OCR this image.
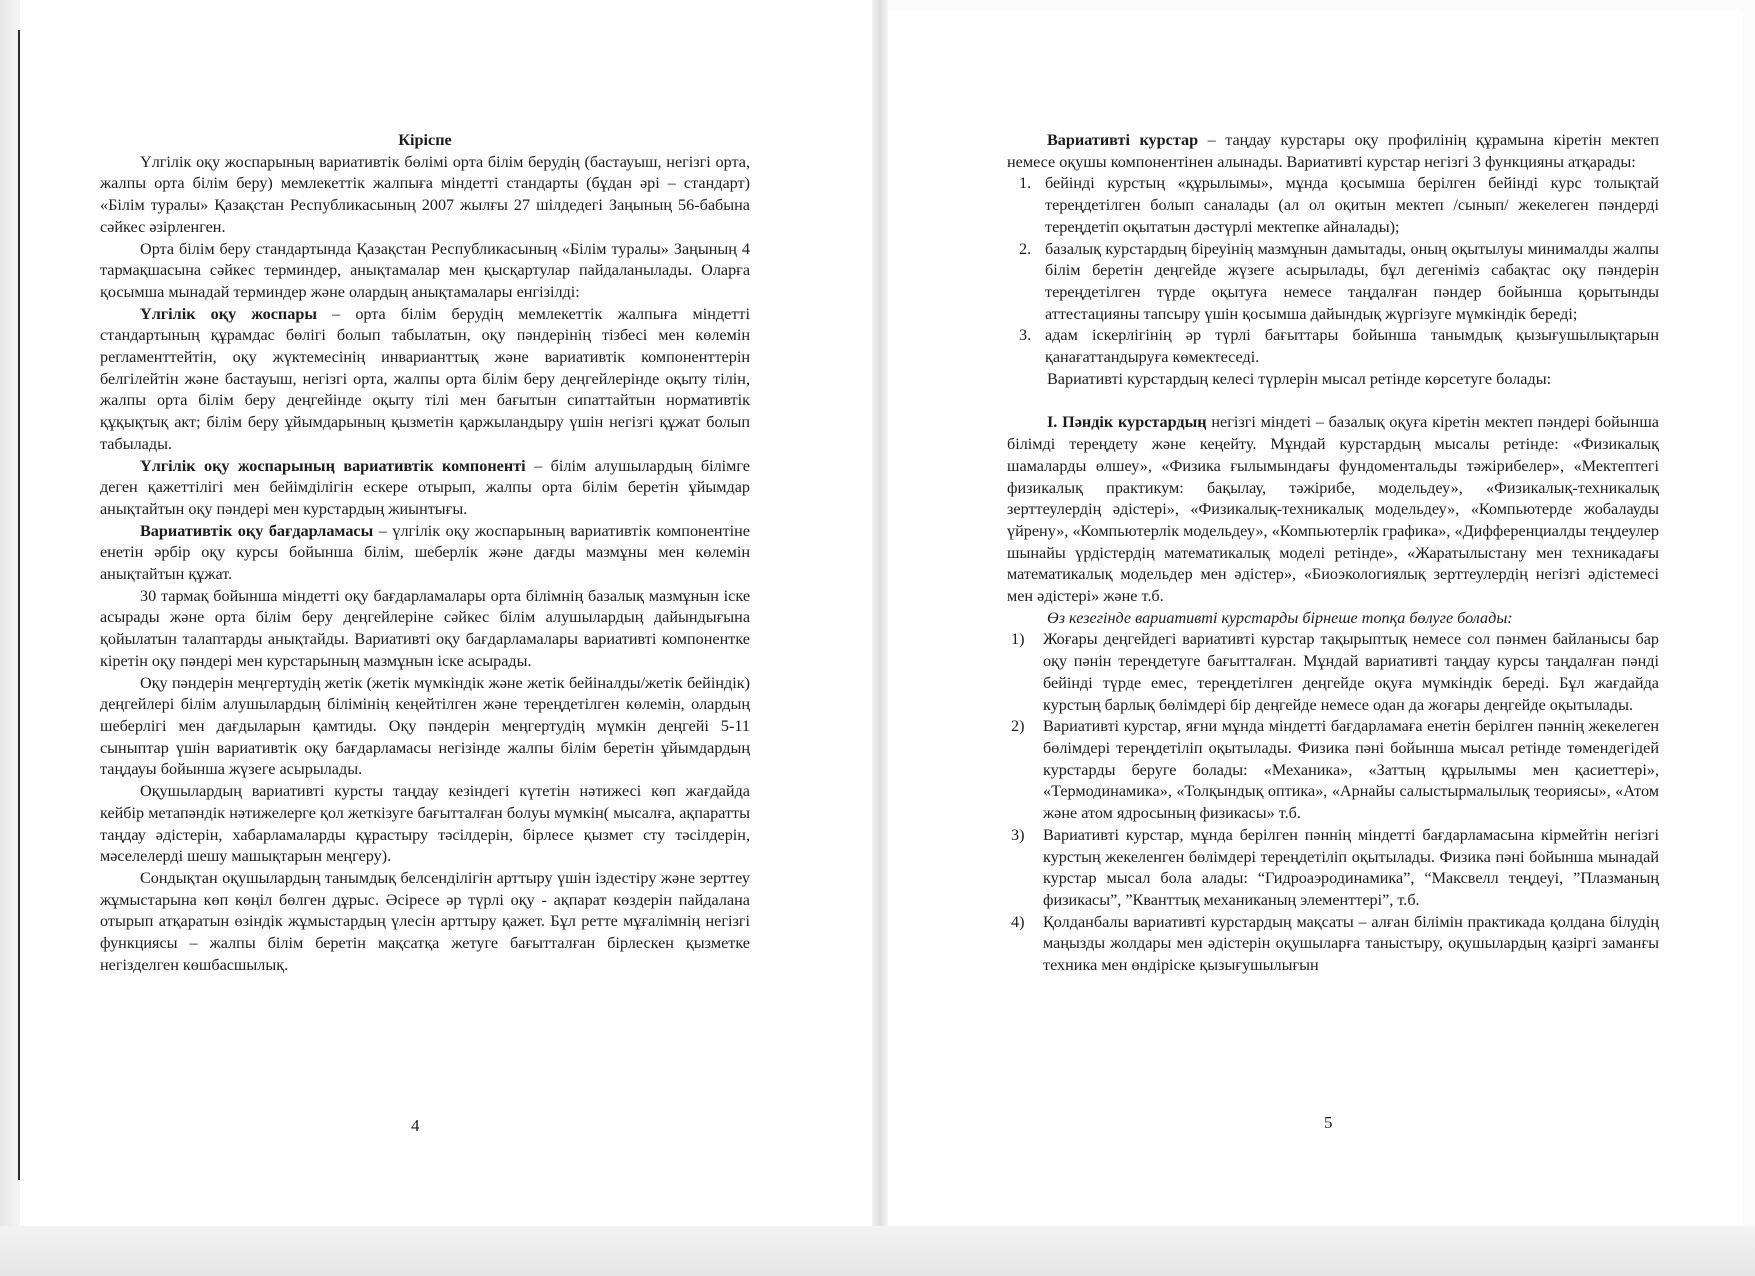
Кіріспе

Үлгілік оқу жоспарының вариативтік бөлімі орта білім берудің (бастауыш, негізгі орта, жалпы орта білім беру) мемлекеттік жалпыға міндетті стандарты (бұдан әрі – стандарт) «Білім туралы» Қазақстан Республикасының 2007 жылғы 27 шілдедегі Заңының 56-бабына сәйкес әзірленген.

Орта білім беру стандартында Қазақстан Республикасының «Білім туралы» Заңының 4 тармақшасына сәйкес терминдер, анықтамалар мен қысқартулар пайдаланылады. Оларға қосымша мынадай терминдер және олардың анықтамалары енгізілді:

Үлгілік оқу жоспары – орта білім берудің мемлекеттік жалпыға міндетті стандартының құрамдас бөлігі болып табылатын, оқу пәндерінің тізбесі мен көлемін регламенттейтін, оқу жүктемесінің инварианттық және вариативтік компоненттерін белгілейтін және бастауыш, негізгі орта, жалпы орта білім беру деңгейлерінде оқыту тілін, жалпы орта білім беру деңгейінде оқыту тілі мен бағытын сипаттайтын нормативтік құқықтық акт; білім беру ұйымдарының қызметін қаржыландыру үшін негізгі құжат болып табылады.

Үлгілік оқу жоспарының вариативтік компоненті – білім алушылардың білімге деген қажеттілігі мен бейімділігін ескере отырып, жалпы орта білім беретін ұйымдар анықтайтын оқу пәндері мен курстардың жиынтығы.

Вариативтік оқу бағдарламасы – үлгілік оқу жоспарының вариативтік компонентіне енетін әрбір оқу курсы бойынша білім, шеберлік және дағды мазмұны мен көлемін анықтайтын құжат.

30 тармақ бойынша міндетті оқу бағдарламалары орта білімнің базалық мазмұнын іске асырады және орта білім беру деңгейлеріне сәйкес білім алушылардың дайындығына қойылатын талаптарды анықтайды. Вариативті оқу бағдарламалары вариативті компонентке кіретін оқу пәндері мен курстарының мазмұнын іске асырады.

Оқу пәндерін меңгертудің жетік (жетік мүмкіндік және жетік бейіналды/жетік бейіндік) деңгейлері білім алушылардың білімінің кеңейтілген және тереңдетілген көлемін, олардың шеберлігі мен дағдыларын қамтиды. Оқу пәндерін меңгертудің мүмкін деңгейі 5-11 сыныптар үшін вариативтік оқу бағдарламасы негізінде жалпы білім беретін ұйымдардың таңдауы бойынша жүзеге асырылады.

Оқушылардың вариативті курсты таңдау кезіндегі күтетін нәтижесі көп жағдайда кейбір метапәндік нәтижелерге қол жеткізуге бағытталған болуы мүмкін( мысалға, ақпаратты таңдау әдістерін, хабарламаларды құрастыру тәсілдерін, бірлесе қызмет сту тәсілдерін, мәселелерді шешу машықтарын меңгеру).

Сондықтан оқушылардың танымдық белсенділігін арттыру үшін іздестіру және зерттеу жұмыстарына көп көңіл бөлген дұрыс. Әсіресе әр түрлі оқу - ақпарат көздерін пайдалана отырып атқаратын өзіндік жұмыстардың үлесін арттыру қажет. Бұл ретте мұғалімнің негізгі функциясы – жалпы білім беретін мақсатқа жетуге бағытталған бірлескен қызметке негізделген көшбасшылық.

4

Вариативті курстар – таңдау курстары оқу профилінің құрамына кіретін мектеп немесе оқушы компонентінен алынады. Вариативті курстар негізгі 3 функцияны атқарады:

1. бейінді курстың «құрылымы», мұнда қосымша берілген бейінді курс толықтай тереңдетілген болып саналады (ал ол оқитын мектеп /сынып/ жекелеген пәндерді тереңдетіп оқытатын дәстүрлі мектепке айналады);
2. базалық курстардың біреуінің мазмұнын дамытады, оның оқытылуы минималды жалпы білім беретін деңгейде жүзеге асырылады, бұл дегеніміз сабақтас оқу пәндерін тереңдетілген түрде оқытуға немесе таңдалған пәндер бойынша қорытынды аттестацияны тапсыру үшін қосымша дайындық жүргізуге мүмкіндік береді;
3. адам іскерлігінің әр түрлі бағыттары бойынша танымдық қызығушылықтарын қанағаттандыруға көмектеседі.

Вариативті курстардың келесі түрлерін мысал ретінде көрсетуге болады:

І. Пәндік курстардың негізгі міндеті – базалық оқуға кіретін мектеп пәндері бойынша білімді тереңдету және кеңейту. Мұндай курстардың мысалы ретінде: «Физикалық шамаларды өлшеу», «Физика ғылымындағы фундоментальды тәжірибелер», «Мектептегі физикалық практикум: бақылау, тәжірибе, модельдеу», «Физикалық-техникалық зерттеулердің әдістері», «Физикалық-техникалық модельдеу», «Компьютерде жобалауды үйрену», «Компьютерлік модельдеу», «Компьютерлік графика», «Дифференциалды теңдеулер шынайы үрдістердің математикалық моделі ретінде», «Жаратылыстану мен техникадағы математикалық модельдер мен әдістер», «Биоэкологиялық зерттеулердің негізгі әдістемесі мен әдістері» және т.б.

Өз кезегінде вариативті курстарды бірнеше топқа бөлуге болады:

1) Жоғары деңгейдегі вариативті курстар тақырыптық немесе сол пәнмен байланысы бар оқу пәнін тереңдетуге бағытталған. Мұндай вариативті таңдау курсы таңдалған пәнді бейінді түрде емес, тереңдетілген деңгейде оқуға мүмкіндік береді. Бұл жағдайда курстың барлық бөлімдері бір деңгейде немесе одан да жоғары деңгейде оқытылады.
2) Вариативті курстар, яғни мұнда міндетті бағдарламаға енетін берілген пәннің жекелеген бөлімдері тереңдетіліп оқытылады. Физика пәні бойынша мысал ретінде төмендегідей курстарды беруге болады: «Механика», «Заттың құрылымы мен қасиеттері», «Термодинамика», «Толқындық оптика», «Арнайы салыстырмалылық теориясы», «Атом және атом ядросының физикасы» т.б.
3) Вариативті курстар, мұнда берілген пәннің міндетті бағдарламасына кірмейтін негізгі курстың жекеленген бөлімдері тереңдетіліп оқытылады. Физика пәні бойынша мынадай курстар мысал бола алады: “Гидроаэродинамика”, “Максвелл теңдеуі, ”Плазманың физикасы”, ”Кванттық механиканың элементтері”, т.б.
4) Қолданбалы вариативті курстардың мақсаты – алған білімін практикада қолдана білудің маңызды жолдары мен әдістерін оқушыларға таныстыру, оқушылардың қазіргі заманғы техника мен өндіріске қызығушылығын
5
